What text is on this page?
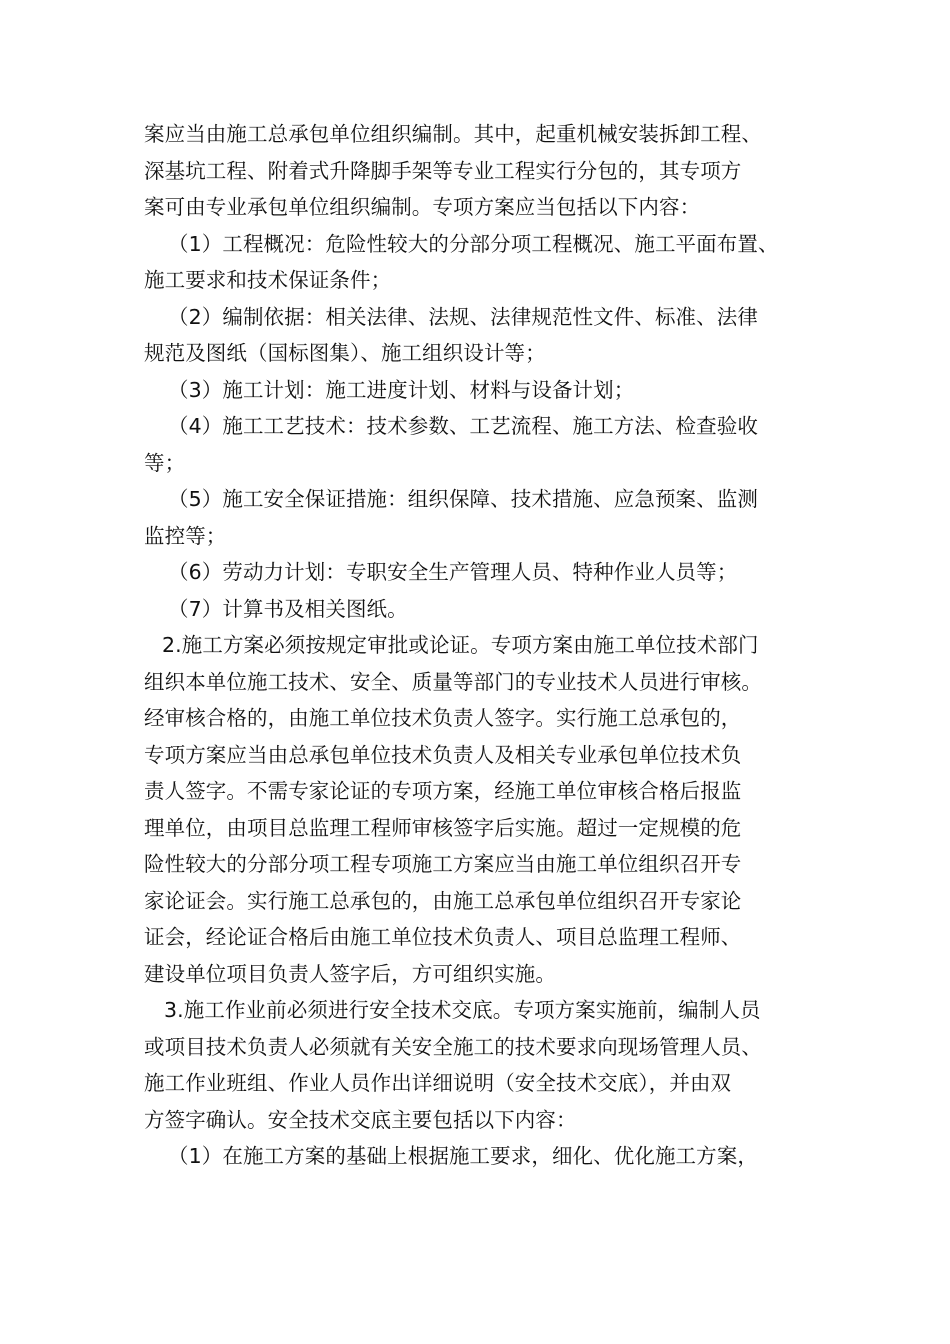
案应当由施工总承包单位组织编制。其中，起重机械安装拆卸工程、
深基坑工程、附着式升降脚手架等专业工程实行分包的，其专项方
案可由专业承包单位组织编制。专项方案应当包括以下内容：
（1）工程概况：危险性较大的分部分项工程概况、施工平面布置、
施工要求和技术保证条件；
（2）编制依据：相关法律、法规、法律规范性文件、标准、法律
规范及图纸（国标图集）、施工组织设计等；
（3）施工计划：施工进度计划、材料与设备计划；
（4）施工工艺技术：技术参数、工艺流程、施工方法、检查验收
等；
（5）施工安全保证措施：组织保障、技术措施、应急预案、监测
监控等；
（6）劳动力计划：专职安全生产管理人员、特种作业人员等；
（7）计算书及相关图纸。
2.施工方案必须按规定审批或论证。专项方案由施工单位技术部门
组织本单位施工技术、安全、质量等部门的专业技术人员进行审核。
经审核合格的，由施工单位技术负责人签字。实行施工总承包的，
专项方案应当由总承包单位技术负责人及相关专业承包单位技术负
责人签字。不需专家论证的专项方案，经施工单位审核合格后报监
理单位，由项目总监理工程师审核签字后实施。超过一定规模的危
险性较大的分部分项工程专项施工方案应当由施工单位组织召开专
家论证会。实行施工总承包的，由施工总承包单位组织召开专家论
证会，经论证合格后由施工单位技术负责人、项目总监理工程师、
建设单位项目负责人签字后，方可组织实施。
3.施工作业前必须进行安全技术交底。专项方案实施前，编制人员
或项目技术负责人必须就有关安全施工的技术要求向现场管理人员、
施工作业班组、作业人员作出详细说明（安全技术交底），并由双
方签字确认。安全技术交底主要包括以下内容：
（1）在施工方案的基础上根据施工要求，细化、优化施工方案，
